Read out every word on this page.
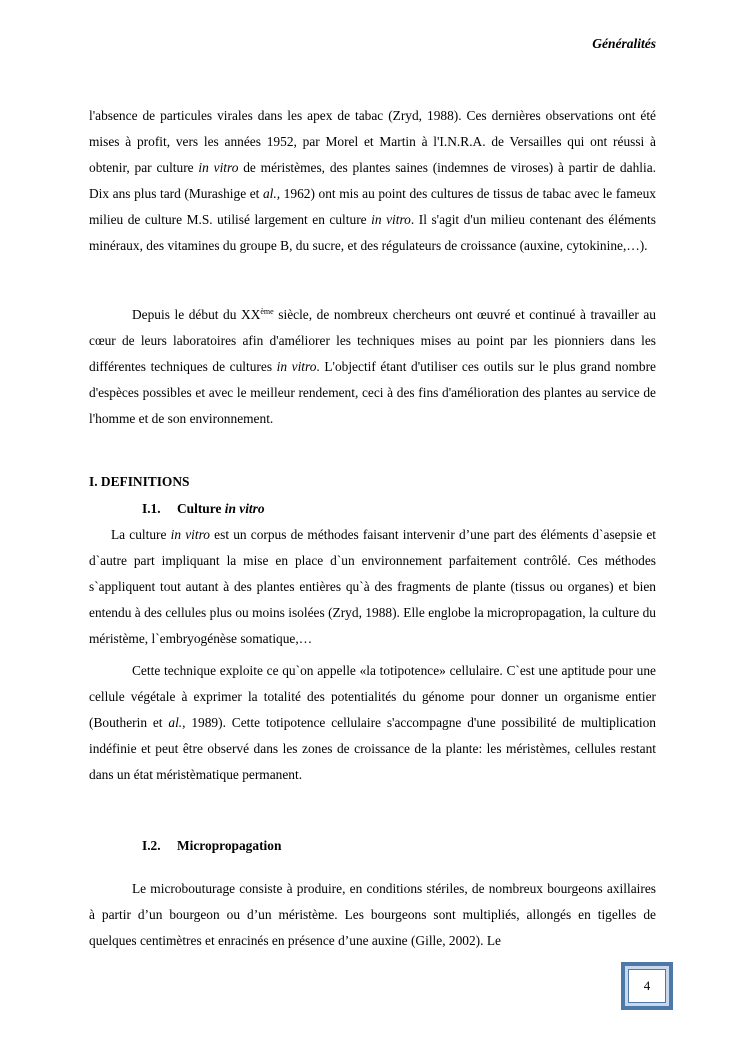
Généralités

l'absence de particules virales dans les apex de tabac (Zryd, 1988). Ces dernières observations ont été mises à profit, vers les années 1952, par Morel et Martin à l'I.N.R.A. de Versailles qui ont réussi à obtenir, par culture in vitro de méristèmes, des plantes saines (indemnes de viroses) à partir de dahlia. Dix ans plus tard (Murashige et al., 1962) ont mis au point des cultures de tissus de tabac avec le fameux milieu de culture M.S. utilisé largement en culture in vitro. Il s'agit d'un milieu contenant des éléments minéraux, des vitamines du groupe B, du sucre, et des régulateurs de croissance (auxine, cytokinine,…).

Depuis le début du XXème siècle, de nombreux chercheurs ont œuvré et continué à travailler au cœur de leurs laboratoires afin d'améliorer les techniques mises au point par les pionniers dans les différentes techniques de cultures in vitro. L'objectif étant d'utiliser ces outils sur le plus grand nombre d'espèces possibles et avec le meilleur rendement, ceci à des fins d'amélioration des plantes au service de l'homme et de son environnement.

I. DEFINITIONS
I.1. Culture in vitro

La culture in vitro est un corpus de méthodes faisant intervenir d’une part des éléments d`asepsie et d`autre part impliquant la mise en place d`un environnement parfaitement contrôlé. Ces méthodes s`appliquent tout autant à des plantes entières qu`à des fragments de plante (tissus ou organes) et bien entendu à des cellules plus ou moins isolées (Zryd, 1988). Elle englobe la micropropagation, la culture du méristème, l`embryogénèse somatique,…

Cette technique exploite ce qu`on appelle «la totipotence» cellulaire. C`est une aptitude pour une cellule végétale à exprimer la totalité des potentialités du génome pour donner un organisme entier (Boutherin et al., 1989). Cette totipotence cellulaire s'accompagne d'une possibilité de multiplication indéfinie et peut être observé dans les zones de croissance de la plante: les méristèmes, cellules restant dans un état méristèmatique permanent.

I.2. Micropropagation

Le microbouturage consiste à produire, en conditions stériles, de nombreux bourgeons axillaires à partir d’un bourgeon ou d’un méristème. Les bourgeons sont multipliés, allongés en tigelles de quelques centimètres et enracinés en présence d’une auxine (Gille, 2002). Le

4
